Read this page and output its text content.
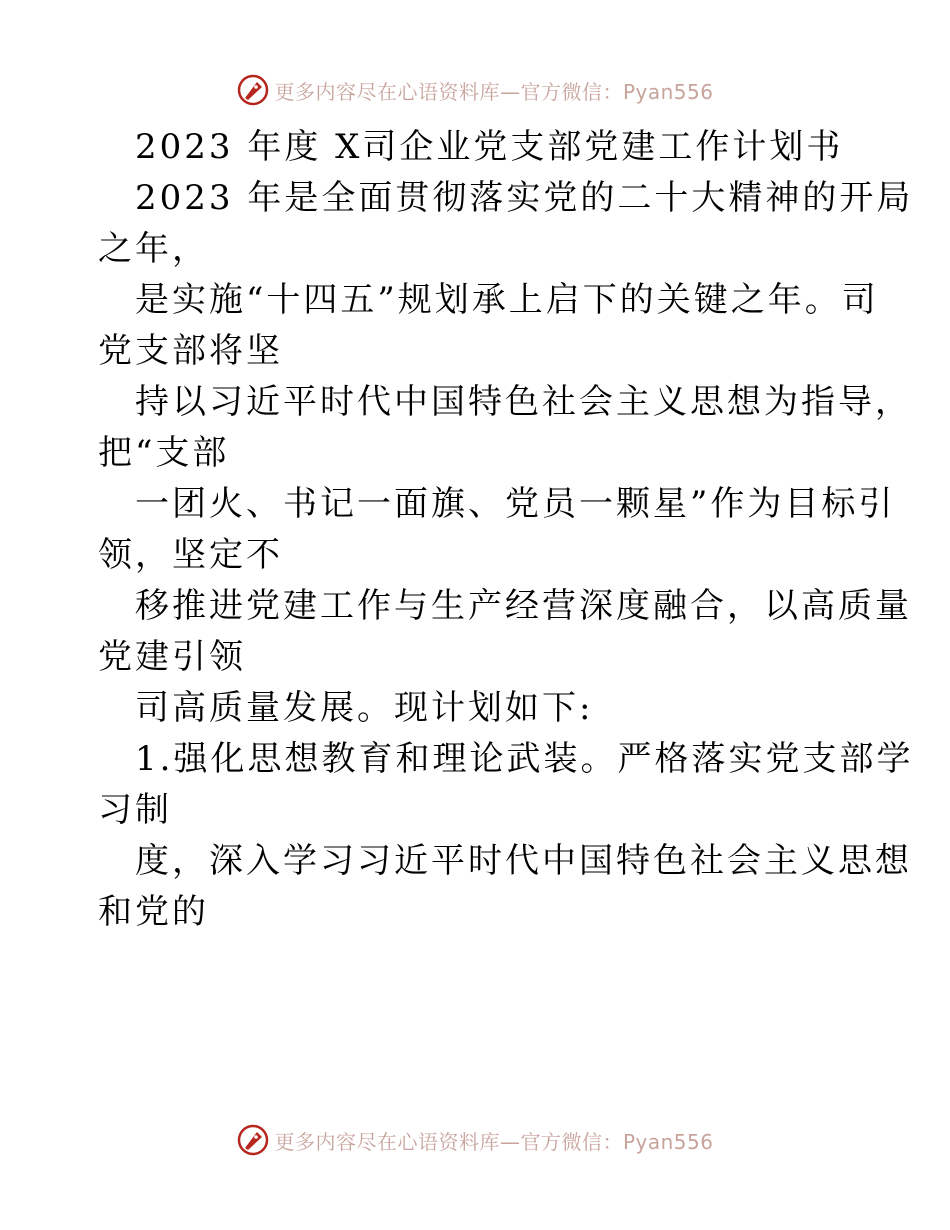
更多内容尽在心语资料库—官方微信：Pyan556
2023 年度 X司企业党支部党建工作计划书
2023 年是全面贯彻落实党的二十大精神的开局
之年，
是实施“十四五”规划承上启下的关键之年。司
党支部将坚
持以习近平时代中国特色社会主义思想为指导，
把“支部
一团火、书记一面旗、党员一颗星”作为目标引
领，坚定不
移推进党建工作与生产经营深度融合，以高质量
党建引领
司高质量发展。现计划如下:
1.强化思想教育和理论武装。严格落实党支部学
习制
度，深入学习习近平时代中国特色社会主义思想
和党的
更多内容尽在心语资料库—官方微信：Pyan556
